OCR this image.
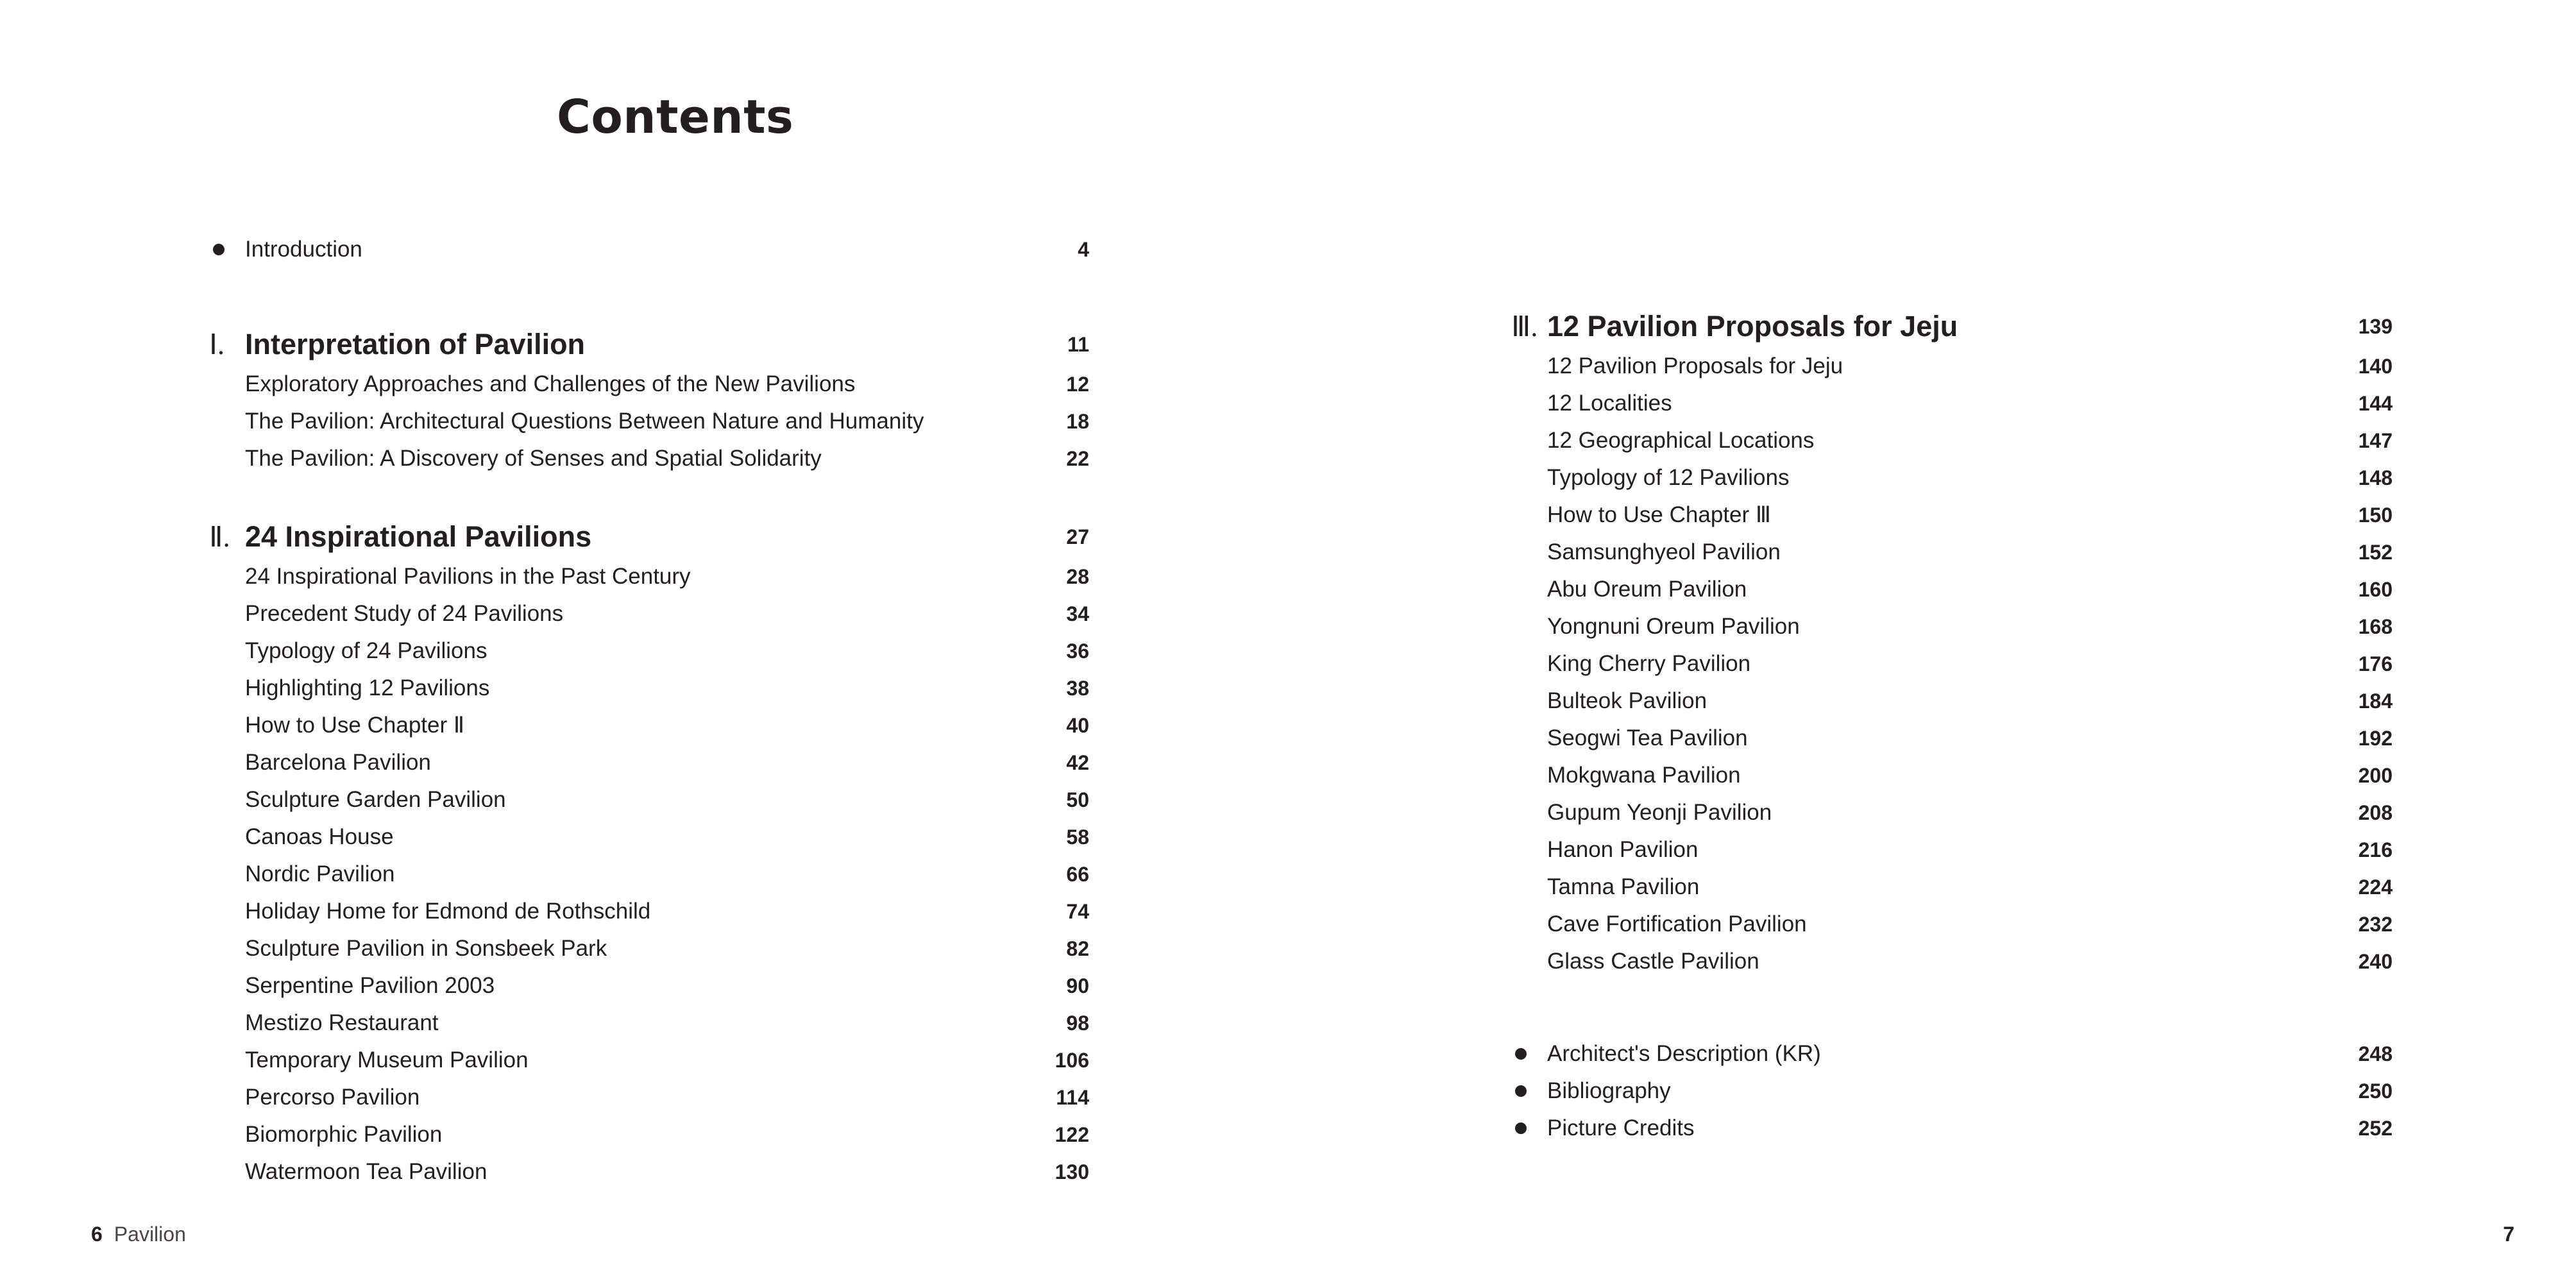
Contents
Introduction	4
Ⅰ. Interpretation of Pavilion	11
Exploratory Approaches and Challenges of the New Pavilions	12
The Pavilion: Architectural Questions Between Nature and Humanity	18
The Pavilion: A Discovery of Senses and Spatial Solidarity	22
Ⅱ. 24 Inspirational Pavilions	27
24 Inspirational Pavilions in the Past Century	28
Precedent Study of 24 Pavilions	34
Typology of 24 Pavilions	36
Highlighting 12 Pavilions	38
How to Use Chapter Ⅱ	40
Barcelona Pavilion	42
Sculpture Garden Pavilion	50
Canoas House	58
Nordic Pavilion	66
Holiday Home for Edmond de Rothschild	74
Sculpture Pavilion in Sonsbeek Park	82
Serpentine Pavilion 2003	90
Mestizo Restaurant	98
Temporary Museum Pavilion	106
Percorso Pavilion	114
Biomorphic Pavilion	122
Watermoon Tea Pavilion	130
Ⅲ. 12 Pavilion Proposals for Jeju	139
12 Pavilion Proposals for Jeju	140
12 Localities	144
12 Geographical Locations	147
Typology of 12 Pavilions	148
How to Use Chapter Ⅲ	150
Samsunghyeol Pavilion	152
Abu Oreum Pavilion	160
Yongnuni Oreum Pavilion	168
King Cherry Pavilion	176
Bulteok Pavilion	184
Seogwi Tea Pavilion	192
Mokgwana Pavilion	200
Gupum Yeonji Pavilion	208
Hanon Pavilion	216
Tamna Pavilion	224
Cave Fortification Pavilion	232
Glass Castle Pavilion	240
Architect's Description (KR)	248
Bibliography	250
Picture Credits	252
6 Pavilion	7
